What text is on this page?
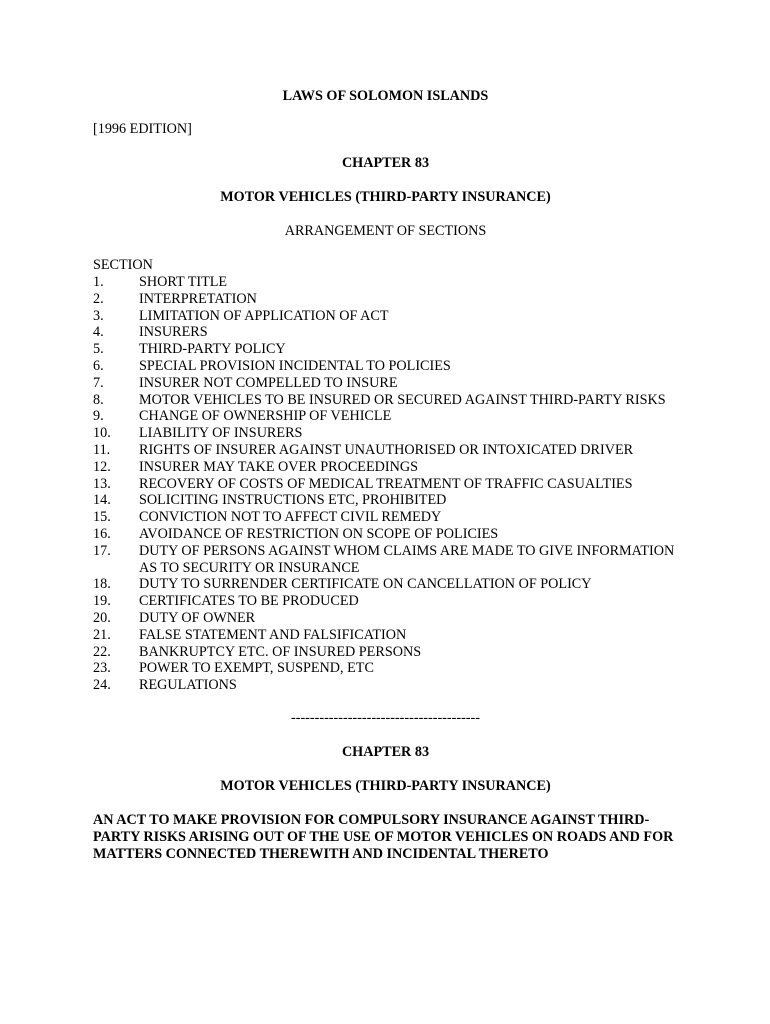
LAWS OF SOLOMON ISLANDS

[1996 EDITION]

CHAPTER 83

MOTOR VEHICLES (THIRD-PARTY INSURANCE)

ARRANGEMENT OF SECTIONS

SECTION

1.	SHORT TITLE
2.	INTERPRETATION
3.	LIMITATION OF APPLICATION OF ACT
4.	INSURERS
5.	THIRD-PARTY POLICY
6.	SPECIAL PROVISION INCIDENTAL TO POLICIES
7.	INSURER NOT COMPELLED TO INSURE
8.	MOTOR VEHICLES TO BE INSURED OR SECURED AGAINST THIRD-PARTY RISKS
9.	CHANGE OF OWNERSHIP OF VEHICLE
10.	LIABILITY OF INSURERS
11.	RIGHTS OF INSURER AGAINST UNAUTHORISED OR INTOXICATED DRIVER
12.	INSURER MAY TAKE OVER PROCEEDINGS
13.	RECOVERY OF COSTS OF MEDICAL TREATMENT OF TRAFFIC CASUALTIES
14.	SOLICITING INSTRUCTIONS ETC, PROHIBITED
15.	CONVICTION NOT TO AFFECT CIVIL REMEDY
16.	AVOIDANCE OF RESTRICTION ON SCOPE OF POLICIES
17.	DUTY OF PERSONS AGAINST WHOM CLAIMS ARE MADE TO GIVE INFORMATION AS TO SECURITY OR INSURANCE
18.	DUTY TO SURRENDER CERTIFICATE ON CANCELLATION OF POLICY
19.	CERTIFICATES TO BE PRODUCED
20.	DUTY OF OWNER
21.	FALSE STATEMENT AND FALSIFICATION
22.	BANKRUPTCY ETC. OF INSURED PERSONS
23.	POWER TO EXEMPT, SUSPEND, ETC
24.	REGULATIONS

----------------------------------------

CHAPTER 83

MOTOR VEHICLES (THIRD-PARTY INSURANCE)

AN ACT TO MAKE PROVISION FOR COMPULSORY INSURANCE AGAINST THIRD-PARTY RISKS ARISING OUT OF THE USE OF MOTOR VEHICLES ON ROADS AND FOR MATTERS CONNECTED THEREWITH AND INCIDENTAL THERETO
